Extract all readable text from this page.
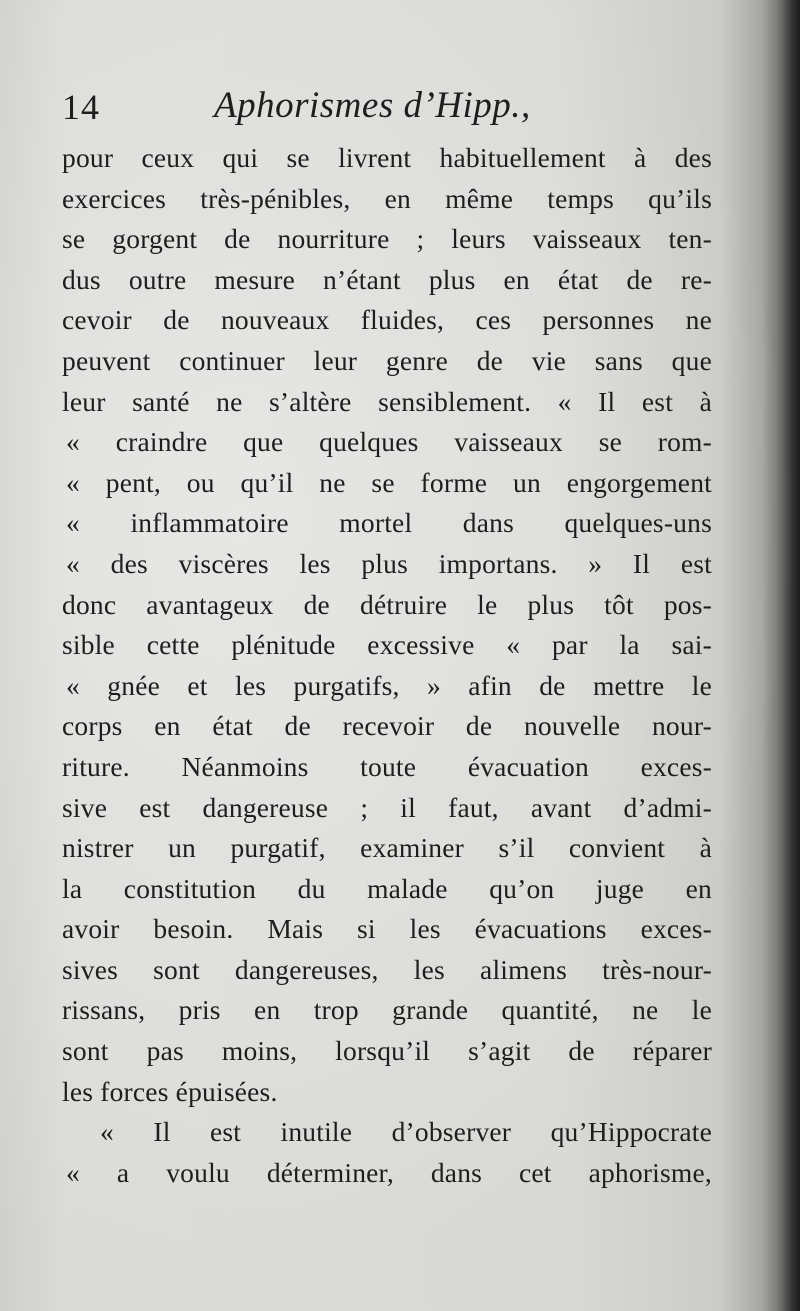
14	Aphorismes d’Hipp.,
pour ceux qui se livrent habituellement à des
exercices très-pénibles, en même temps qu’ils
se gorgent de nourriture ; leurs vaisseaux ten-
dus outre mesure n’étant plus en état de re-
cevoir de nouveaux fluides, ces personnes ne
peuvent continuer leur genre de vie sans que
leur santé ne s’altère sensiblement. « Il est à
« craindre que quelques vaisseaux se rom-
« pent, ou qu’il ne se forme un engorgement
« inflammatoire mortel dans quelques-uns
« des viscères les plus importans. » Il est
donc avantageux de détruire le plus tôt pos-
sible cette plénitude excessive « par la sai-
« gnée et les purgatifs, » afin de mettre le
corps en état de recevoir de nouvelle nour-
riture. Néanmoins toute évacuation exces-
sive est dangereuse ; il faut, avant d’admi-
nistrer un purgatif, examiner s’il convient à
la constitution du malade qu’on juge en
avoir besoin. Mais si les évacuations exces-
sives sont dangereuses, les alimens très-nour-
rissans, pris en trop grande quantité, ne le
sont pas moins, lorsqu’il s’agit de réparer
les forces épuisées.
« Il est inutile d’observer qu’Hippocrate
« a voulu déterminer, dans cet aphorisme,
